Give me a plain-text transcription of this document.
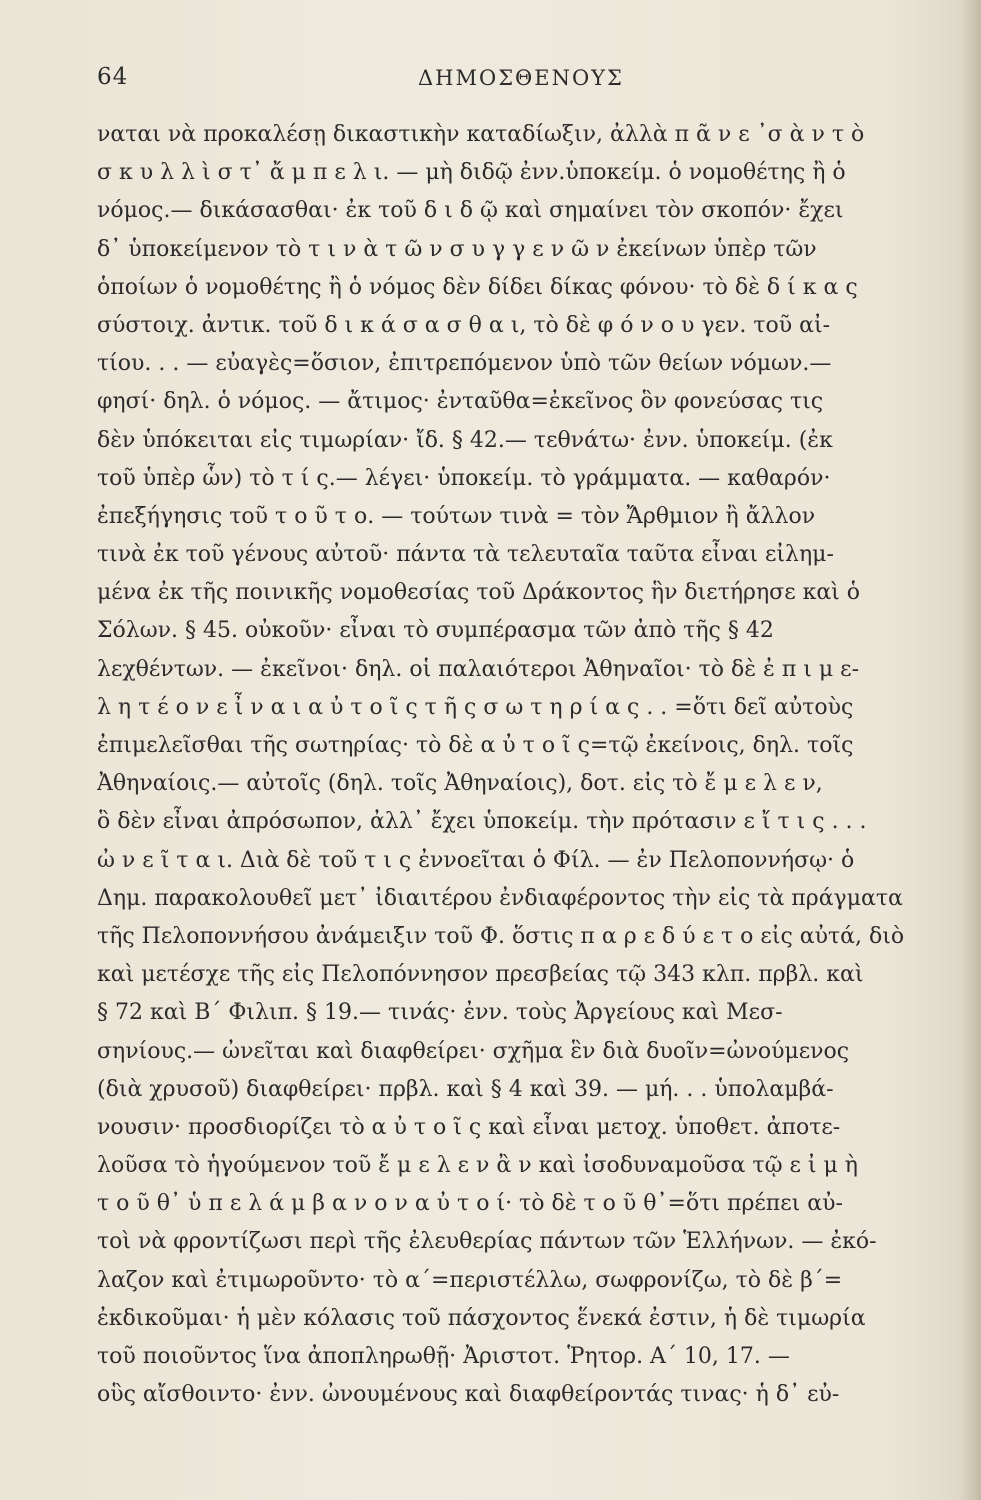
64	ΔΗΜΟΣΘΕΝΟΥΣ
ναται νὰ προκαλέσῃ δικαστικὴν καταδίωξιν, ἀλλὰ π ᾶ ν ε ᾽σ ὰ ν τ ὸ
σ κ υ λ λ ὶ σ τ᾽ ἄ μ π ε λ ι. — μὴ διδῷ ἐνν.ὑποκείμ. ὁ νομοθέτης ἢ ὁ
νόμος.— δικάσασθαι· ἐκ τοῦ δ ι δ ῷ καὶ σημαίνει τὸν σκοπόν· ἔχει
δ᾽ ὑποκείμενον τὸ τ ι ν ὰ τ ῶ ν σ υ γ γ ε ν ῶ ν ἐκείνων ὑπὲρ τῶν
ὁποίων ὁ νομοθέτης ἢ ὁ νόμος δὲν δίδει δίκας φόνου· τὸ δὲ δ ί κ α ς
σύστοιχ. ἀντικ. τοῦ δ ι κ ά σ α σ θ α ι, τὸ δὲ φ ό ν ο υ γεν. τοῦ αἰ-
τίου. . . — εὐαγὲς=ὅσιον, ἐπιτρεπόμενον ὑπὸ τῶν θείων νόμων.—
φησί· δηλ. ὁ νόμος. — ἄτιμος· ἐνταῦθα=ἐκεῖνος ὃν φονεύσας τις
δὲν ὑπόκειται εἰς τιμωρίαν· ἴδ. § 42.— τεθνάτω· ἐνν. ὑποκείμ. (ἐκ
τοῦ ὑπὲρ ὧν) τὸ τ ί ς.— λέγει· ὑποκείμ. τὸ γράμματα. — καθαρόν·
ἐπεξήγησις τοῦ τ ο ῦ τ ο. — τούτων τινὰ = τὸν Ἄρθμιον ἢ ἄλλον
τινὰ ἐκ τοῦ γένους αὐτοῦ· πάντα τὰ τελευταῖα ταῦτα εἶναι εἰλημ-
μένα ἐκ τῆς ποινικῆς νομοθεσίας τοῦ Δράκοντος ἣν διετήρησε καὶ ὁ
Σόλων. § 45. οὐκοῦν· εἶναι τὸ συμπέρασμα τῶν ἀπὸ τῆς § 42
λεχθέντων. — ἐκεῖνοι· δηλ. οἱ παλαιότεροι Ἀθηναῖοι· τὸ δὲ ἐ π ι μ ε-
λ η τ έ ο ν ε ἶ ν α ι α ὐ τ ο ῖ ς τ ῆ ς σ ω τ η ρ ί α ς . . =ὅτι δεῖ αὐτοὺς
ἐπιμελεῖσθαι τῆς σωτηρίας· τὸ δὲ α ὐ τ ο ῖ ς=τῷ ἐκείνοις, δηλ. τοῖς
Ἀθηναίοις.— αὐτοῖς (δηλ. τοῖς Ἀθηναίοις), δοτ. εἰς τὸ ἔ μ ε λ ε ν,
ὃ δὲν εἶναι ἀπρόσωπον, ἀλλ᾽ ἔχει ὑποκείμ. τὴν πρότασιν ε ἴ τ ι ς . . .
ὠ ν ε ῖ τ α ι. Διὰ δὲ τοῦ τ ι ς ἐννοεῖται ὁ Φίλ. — ἐν Πελοποννήσῳ· ὁ
Δημ. παρακολουθεῖ μετ᾽ ἰδιαιτέρου ἐνδιαφέροντος τὴν εἰς τὰ πράγματα
τῆς Πελοποννήσου ἀνάμειξιν τοῦ Φ. ὅστις π α ρ ε δ ύ ε τ ο εἰς αὐτά, διὸ
καὶ μετέσχε τῆς εἰς Πελοπόννησον πρεσβείας τῷ 343 κλπ. πρβλ. καὶ
§ 72 καὶ Β΄ Φιλιπ. § 19.— τινάς· ἐνν. τοὺς Ἀργείους καὶ Μεσ-
σηνίους.— ὠνεῖται καὶ διαφθείρει· σχῆμα ἓν διὰ δυοῖν=ὠνούμενος
(διὰ χρυσοῦ) διαφθείρει· πρβλ. καὶ § 4 καὶ 39. — μή. . . ὑπολαμβά-
νουσιν· προσδιορίζει τὸ α ὐ τ ο ῖ ς καὶ εἶναι μετοχ. ὑποθετ. ἀποτε-
λοῦσα τὸ ἡγούμενον τοῦ ἔ μ ε λ ε ν ἂ ν καὶ ἰσοδυναμοῦσα τῷ ε ἰ μ ὴ
τ ο ῦ θ᾽ ὑ π ε λ ά μ β α ν ο ν α ὐ τ ο ί· τὸ δὲ τ ο ῦ θ᾽=ὅτι πρέπει αὐ-
τοὶ νὰ φροντίζωσι περὶ τῆς ἐλευθερίας πάντων τῶν Ἑλλήνων. — ἐκό-
λαζον καὶ ἐτιμωροῦντο· τὸ α΄=περιστέλλω, σωφρονίζω, τὸ δὲ β΄=
ἐκδικοῦμαι· ἡ μὲν κόλασις τοῦ πάσχοντος ἕνεκά ἐστιν, ἡ δὲ τιμωρία
τοῦ ποιοῦντος ἵνα ἀποπληρωθῇ· Ἀριστοτ. Ῥητορ. Α΄ 10, 17. —
οὓς αἴσθοιντο· ἐνν. ὠνουμένους καὶ διαφθείροντάς τινας· ἡ δ᾽ εὐ-
